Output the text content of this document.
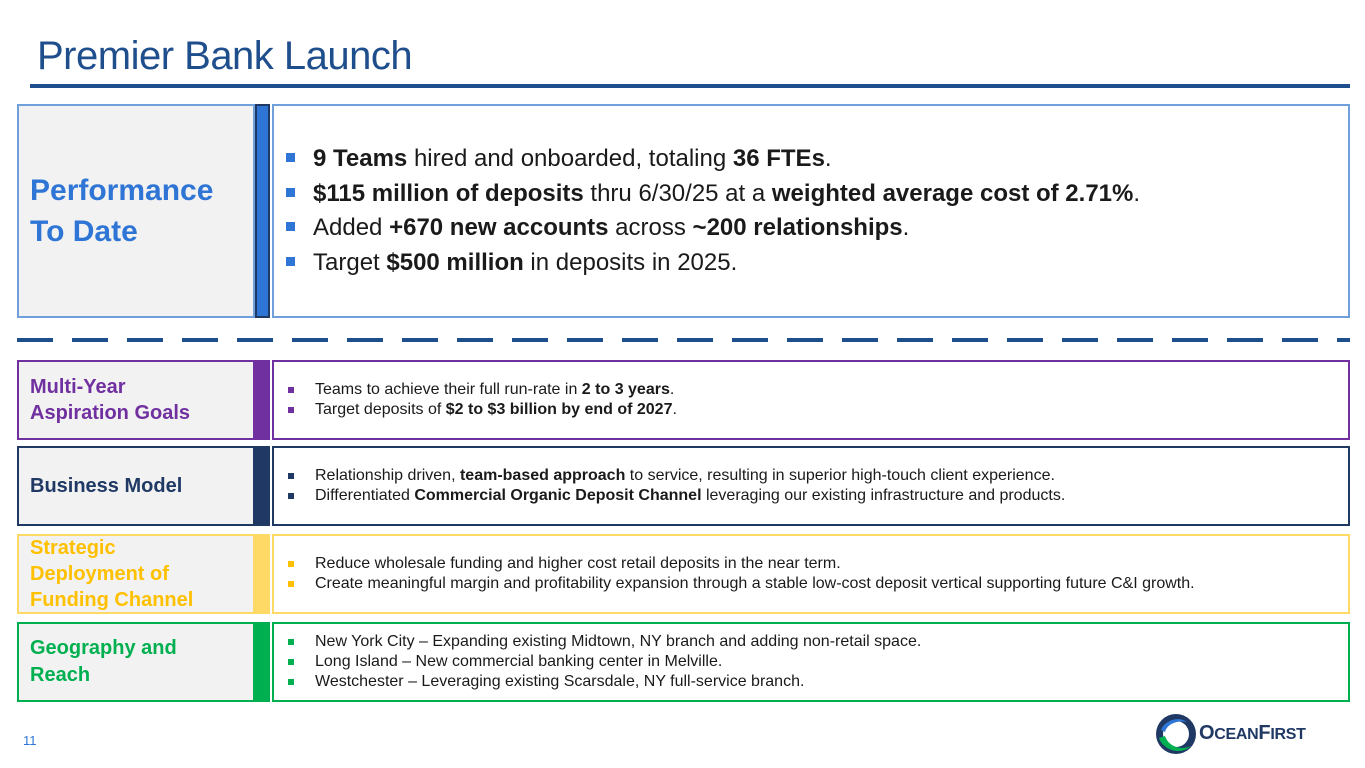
Premier Bank Launch
Performance
To Date
9 Teams hired and onboarded, totaling 36 FTEs.
$115 million of deposits thru 6/30/25 at a weighted average cost of 2.71%.
Added +670 new accounts across ~200 relationships.
Target $500 million in deposits in 2025.
Multi-Year
Aspiration Goals
Teams to achieve their full run-rate in 2 to 3 years.
Target deposits of $2 to $3 billion by end of 2027.
Business Model	Relationship driven, team-based approach to service, resulting in superior high-touch client experience.
Differentiated Commercial Organic Deposit Channel leveraging our existing infrastructure and products.
Strategic
Deployment of
Funding Channel
Reduce wholesale funding and higher cost retail deposits in the near term.
Create meaningful margin and profitability expansion through a stable low-cost deposit vertical supporting future C&I growth.
Geography and
Reach
New York City – Expanding existing Midtown, NY branch and adding non-retail space.
Long Island – New commercial banking center in Melville.
Westchester – Leveraging existing Scarsdale, NY full-service branch.
11	OCEANFIRST
